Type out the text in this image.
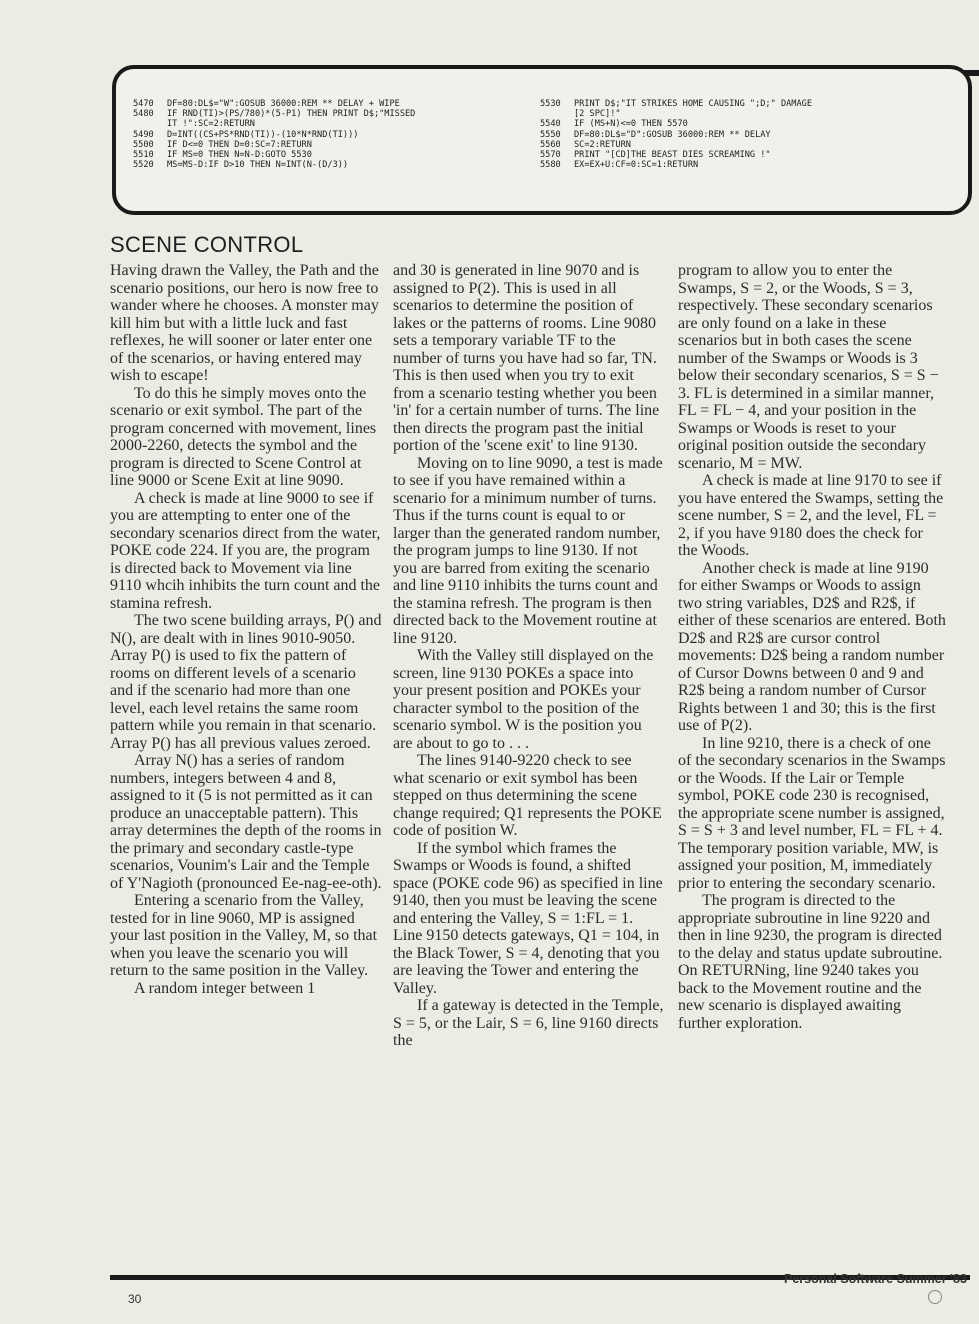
5470	DF=80:DL$="W":GOSUB 36000:REM ** DELAY + WIPE
5480	IF RND(TI)>(PS/780)*(5-P1) THEN PRINT D$;"MISSED
IT !":SC=2:RETURN
5490	D=INT((CS+PS*RND(TI))-(10*N*RND(TI)))
5500	IF D<=0 THEN D=0:SC=7:RETURN
5510	IF MS=0 THEN N=N-D:GOTO 5530
5520	MS=MS-D:IF D>10 THEN N=INT(N-(D/3))
5530	PRINT D$;"IT STRIKES HOME CAUSING ";D;" DAMAGE
[2 SPC]!"
5540	IF (MS+N)<=0 THEN 5570
5550	DF=80:DL$="D":GOSUB 36000:REM ** DELAY
5560	SC=2:RETURN
5570	PRINT "[CD]THE BEAST DIES SCREAMING !"
5580	EX=EX+U:CF=0:SC=1:RETURN
SCENE CONTROL

Having drawn the Valley, the Path and the scenario positions, our hero is now free to wander where he chooses. A monster may kill him but with a little luck and fast reflexes, he will sooner or later enter one of the scenarios, or having entered may wish to escape!

To do this he simply moves onto the scenario or exit symbol. The part of the program concerned with movement, lines 2000-2260, detects the symbol and the program is directed to Scene Control at line 9000 or Scene Exit at line 9090.

A check is made at line 9000 to see if you are attempting to enter one of the secondary scenarios direct from the water, POKE code 224. If you are, the program is directed back to Movement via line 9110 whcih inhibits the turn count and the stamina refresh.

The two scene building arrays, P() and N(), are dealt with in lines 9010-9050. Array P() is used to fix the pattern of rooms on different levels of a scenario and if the scenario had more than one level, each level retains the same room pattern while you remain in that scenario. Array P() has all previous values zeroed.

Array N() has a series of random numbers, integers between 4 and 8, assigned to it (5 is not permitted as it can produce an unacceptable pattern). This array determines the depth of the rooms in the primary and secondary castle-type scenarios, Vounim's Lair and the Temple of Y'Nagioth (pronounced Ee-nag-ee-oth).

Entering a scenario from the Valley, tested for in line 9060, MP is assigned your last position in the Valley, M, so that when you leave the scenario you will return to the same position in the Valley.

A random integer between 1

and 30 is generated in line 9070 and is assigned to P(2). This is used in all scenarios to determine the position of lakes or the patterns of rooms. Line 9080 sets a temporary variable TF to the number of turns you have had so far, TN. This is then used when you try to exit from a scenario testing whether you been 'in' for a certain number of turns. The line then directs the program past the initial portion of the 'scene exit' to line 9130.

Moving on to line 9090, a test is made to see if you have remained within a scenario for a minimum number of turns. Thus if the turns count is equal to or larger than the generated random number, the program jumps to line 9130. If not you are barred from exiting the scenario and line 9110 inhibits the turns count and the stamina refresh. The program is then directed back to the Movement routine at line 9120.

With the Valley still displayed on the screen, line 9130 POKEs a space into your present position and POKEs your character symbol to the position of the scenario symbol. W is the position you are about to go to . . .

The lines 9140-9220 check to see what scenario or exit symbol has been stepped on thus determining the scene change required; Q1 represents the POKE code of position W.

If the symbol which frames the Swamps or Woods is found, a shifted space (POKE code 96) as specified in line 9140, then you must be leaving the scene and entering the Valley, S = 1:FL = 1. Line 9150 detects gateways, Q1 = 104, in the Black Tower, S = 4, denoting that you are leaving the Tower and entering the Valley.

If a gateway is detected in the Temple, S = 5, or the Lair, S = 6, line 9160 directs the

program to allow you to enter the Swamps, S = 2, or the Woods, S = 3, respectively. These secondary scenarios are only found on a lake in these scenarios but in both cases the scene number of the Swamps or Woods is 3 below their secondary scenarios, S = S − 3. FL is determined in a similar manner, FL = FL − 4, and your position in the Swamps or Woods is reset to your original position outside the secondary scenario, M = MW.

A check is made at line 9170 to see if you have entered the Swamps, setting the scene number, S = 2, and the level, FL = 2, if you have 9180 does the check for the Woods.

Another check is made at line 9190 for either Swamps or Woods to assign two string variables, D2$ and R2$, if either of these scenarios are entered. Both D2$ and R2$ are cursor control movements: D2$ being a random number of Cursor Downs between 0 and 9 and R2$ being a random number of Cursor Rights between 1 and 30; this is the first use of P(2).

In line 9210, there is a check of one of the secondary scenarios in the Swamps or the Woods. If the Lair or Temple symbol, POKE code 230 is recognised, the appropriate scene number is assigned, S = S + 3 and level number, FL = FL + 4. The temporary position variable, MW, is assigned your position, M, immediately prior to entering the secondary scenario.

The program is directed to the appropriate subroutine in line 9220 and then in line 9230, the program is directed to the delay and status update subroutine. On RETURNing, line 9240 takes you back to the Movement routine and the new scenario is displayed awaiting further exploration.

30
Personal Software Summer '83
